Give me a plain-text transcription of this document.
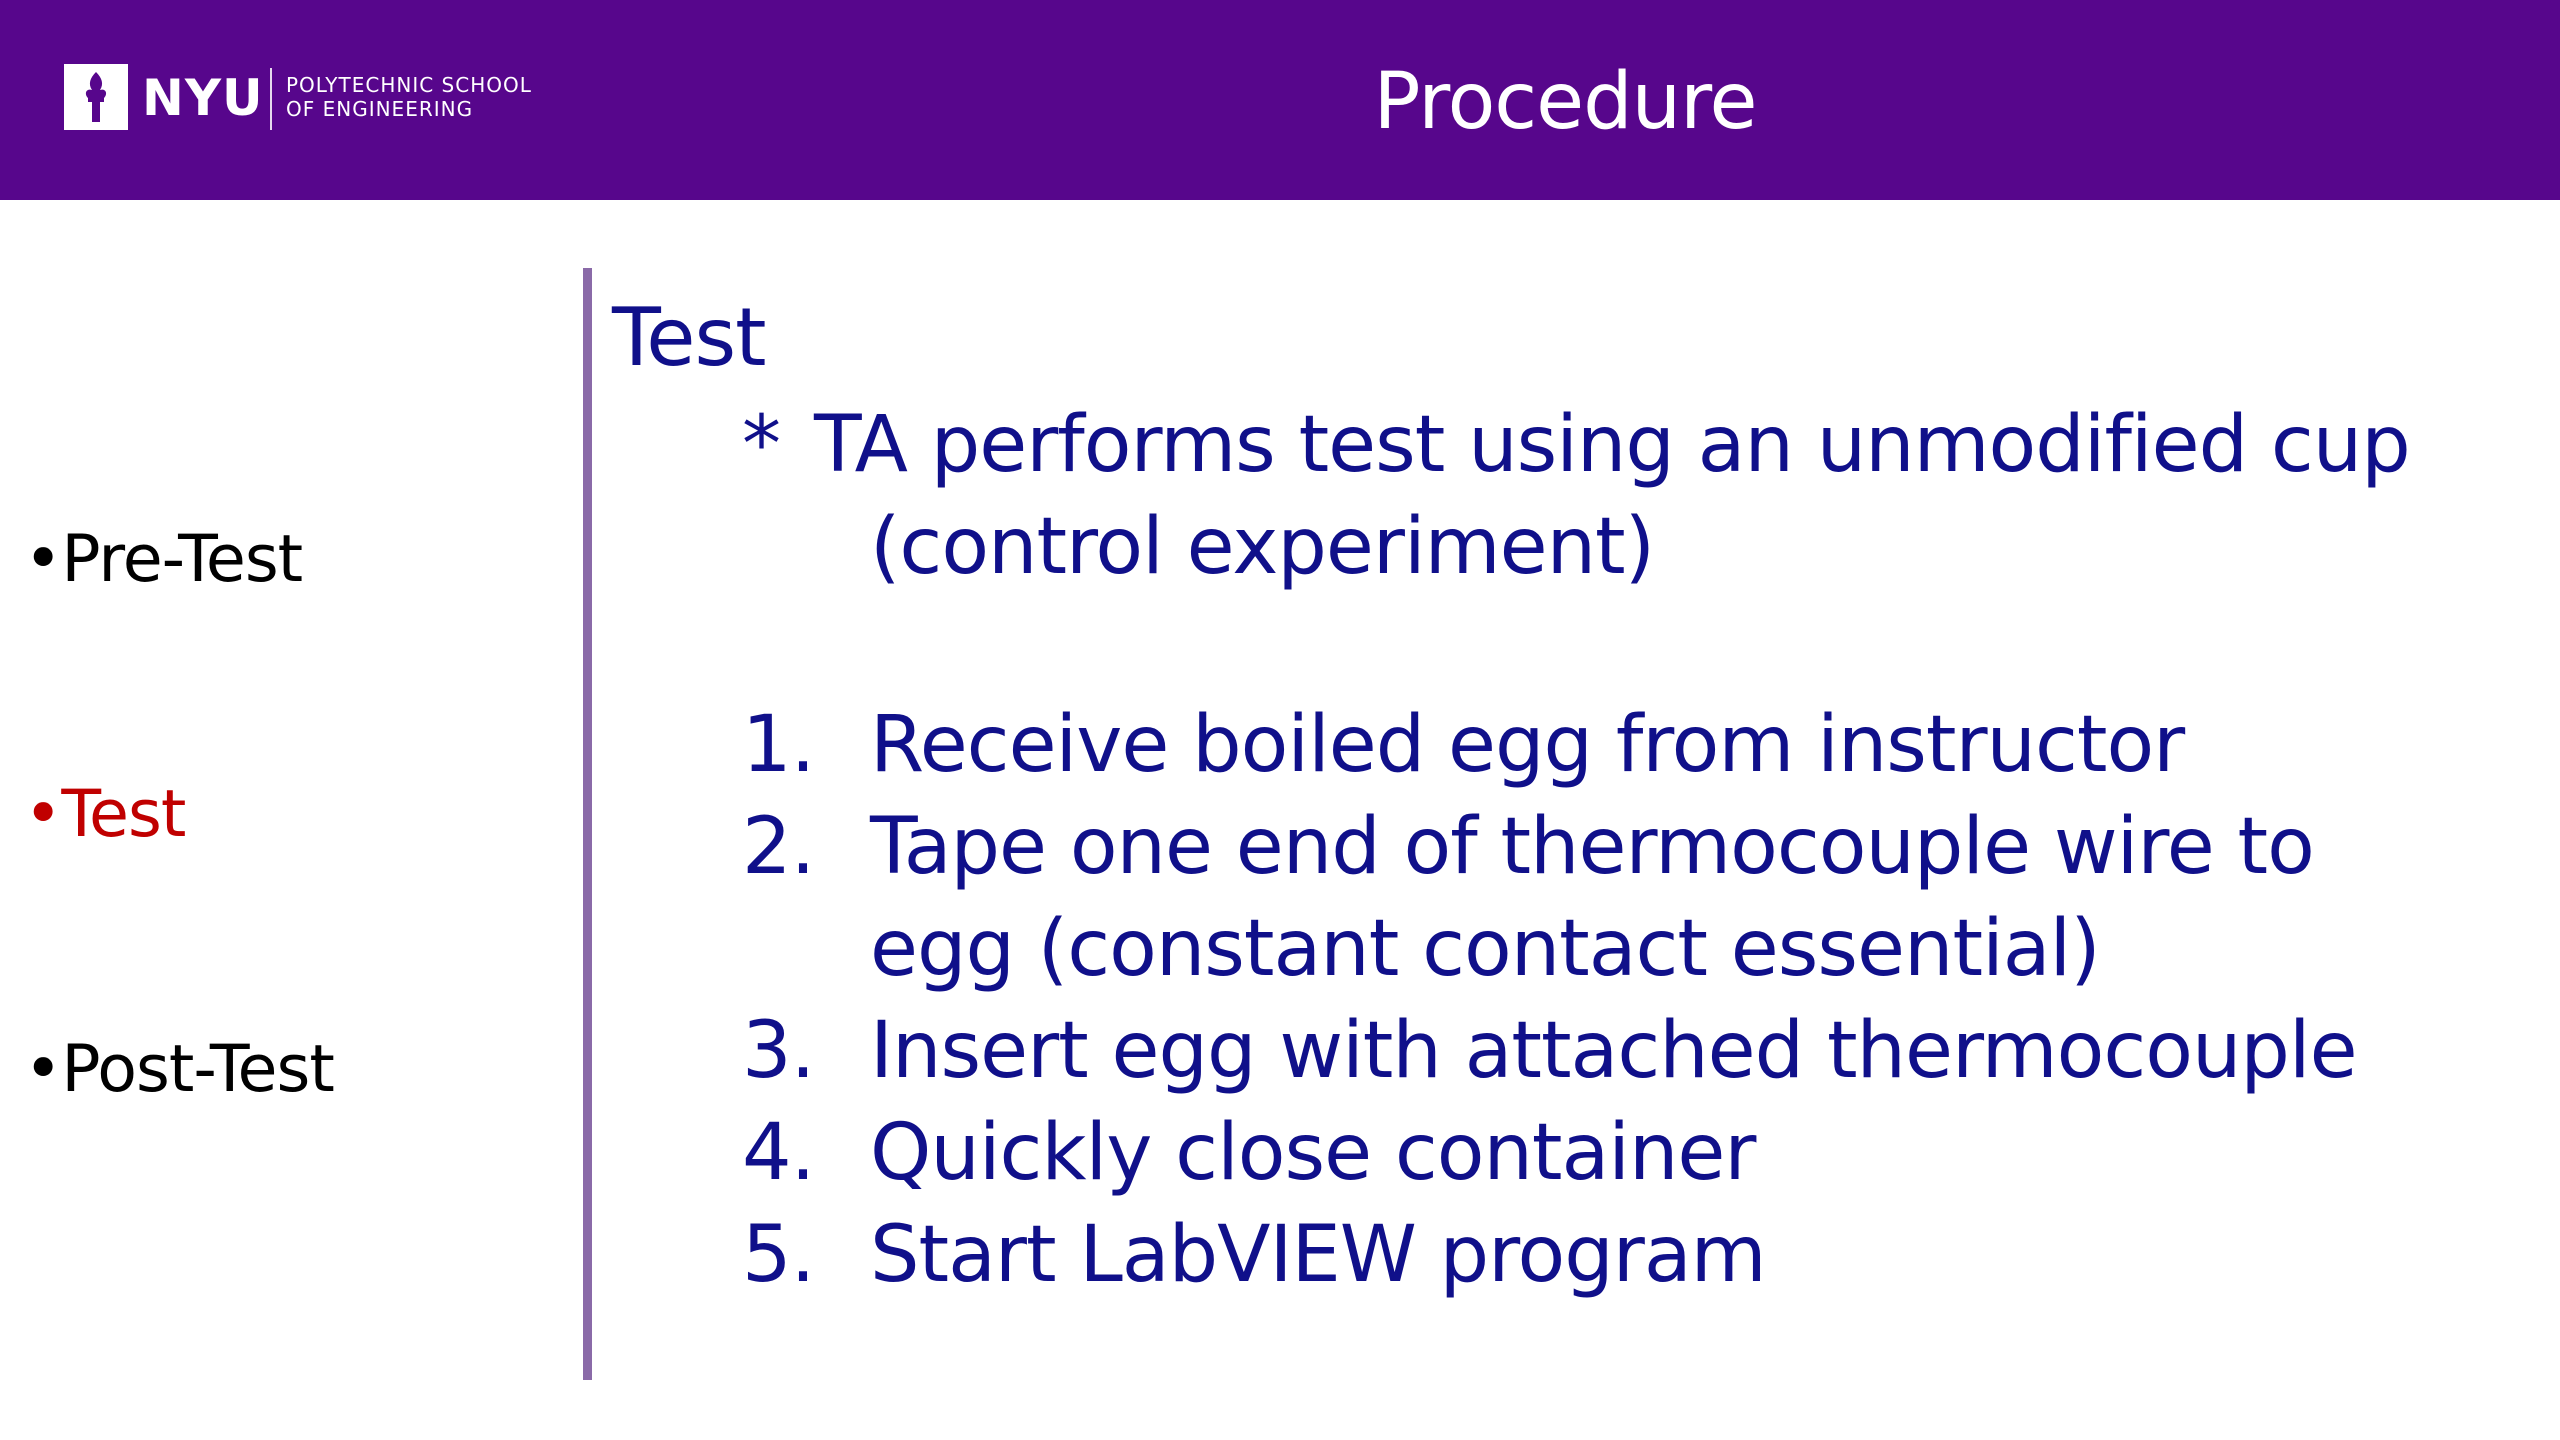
NYU POLYTECHNIC SCHOOL
OF ENGINEERING	Procedure
•Pre-Test
•Test
•Post-Test
Test
* TA performs test using an unmodified cup
(control experiment)
1. Receive boiled egg from instructor
2. Tape one end of thermocouple wire to
egg (constant contact essential)
3. Insert egg with attached thermocouple
4. Quickly close container
5. Start LabVIEW program
